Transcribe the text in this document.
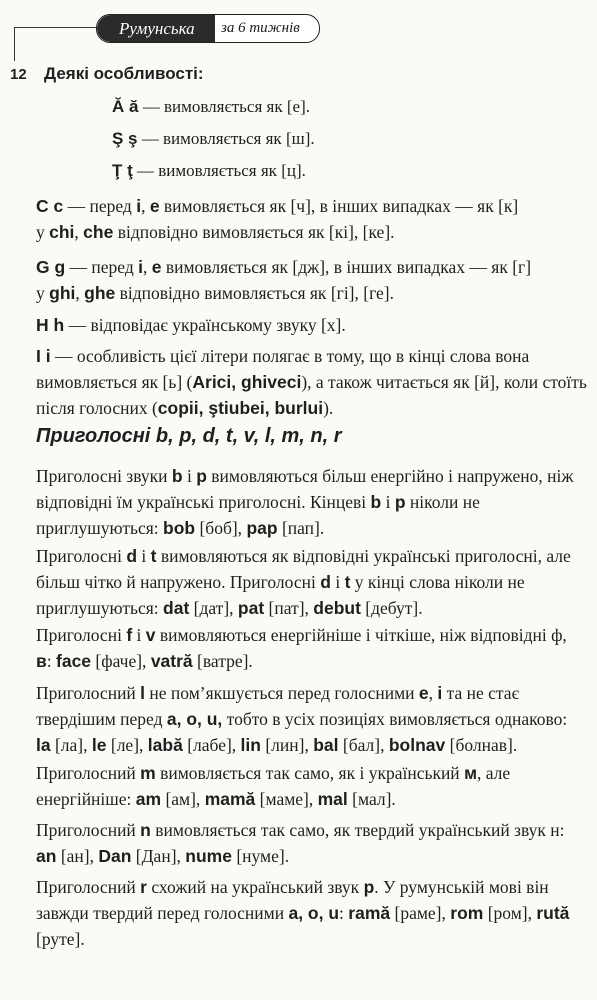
Румунська за 6 тижнів
12 Деякі особливості:
Ă ă — вимовляється як [е].
Ş ş — вимовляється як [ш].
Ţ ţ — вимовляється як [ц].
C c — перед i, e вимовляється як [ч], в інших випадках — як [к]
у chi, che відповідно вимовляється як [кі], [ке].
G g — перед i, e вимовляється як [дж], в інших випадках — як [г]
у ghi, ghe відповідно вимовляється як [гі], [ге].
H h — відповідає українському звуку [х].
I i — особливість цієї літери полягає в тому, що в кінці слова вона
вимовляється як [ь] (Arici, ghiveci), а також читається як [й], коли стоїть
після голосних (copii, ştiubei, burlui).
Приголосні b, p, d, t, v, l, m, n, r
Приголосні звуки b і p вимовляються більш енергійно і напружено, ніж
відповідні їм українські приголосні. Кінцеві b і p ніколи не
приглушуються: bob [боб], pap [пап].
Приголосні d і t вимовляються як відповідні українські приголосні, але
більш чітко й напружено. Приголосні d і t у кінці слова ніколи не
приглушуються: dat [дат], pat [пат], debut [дебут].
Приголосні f і v вимовляються енергійніше і чіткіше, ніж відповідні ф,
в: face [фаче], vatră [ватре].
Приголосний l не пом’якшується перед голосними e, i та не стає
твердішим перед a, o, u, тобто в усіх позиціях вимовляється однаково:
la [ла], le [ле], labă [лабе], lin [лин], bal [бал], bolnav [болнав].
Приголосний m вимовляється так само, як і український м, але
енергійніше: am [ам], mamă [маме], mal [мал].
Приголосний n вимовляється так само, як твердий український звук н:
an [ан], Dan [Дан], nume [нуме].
Приголосний r схожий на український звук р. У румунській мові він
завжди твердий перед голосними a, o, u: ramă [раме], rom [ром], rută
[руте].
